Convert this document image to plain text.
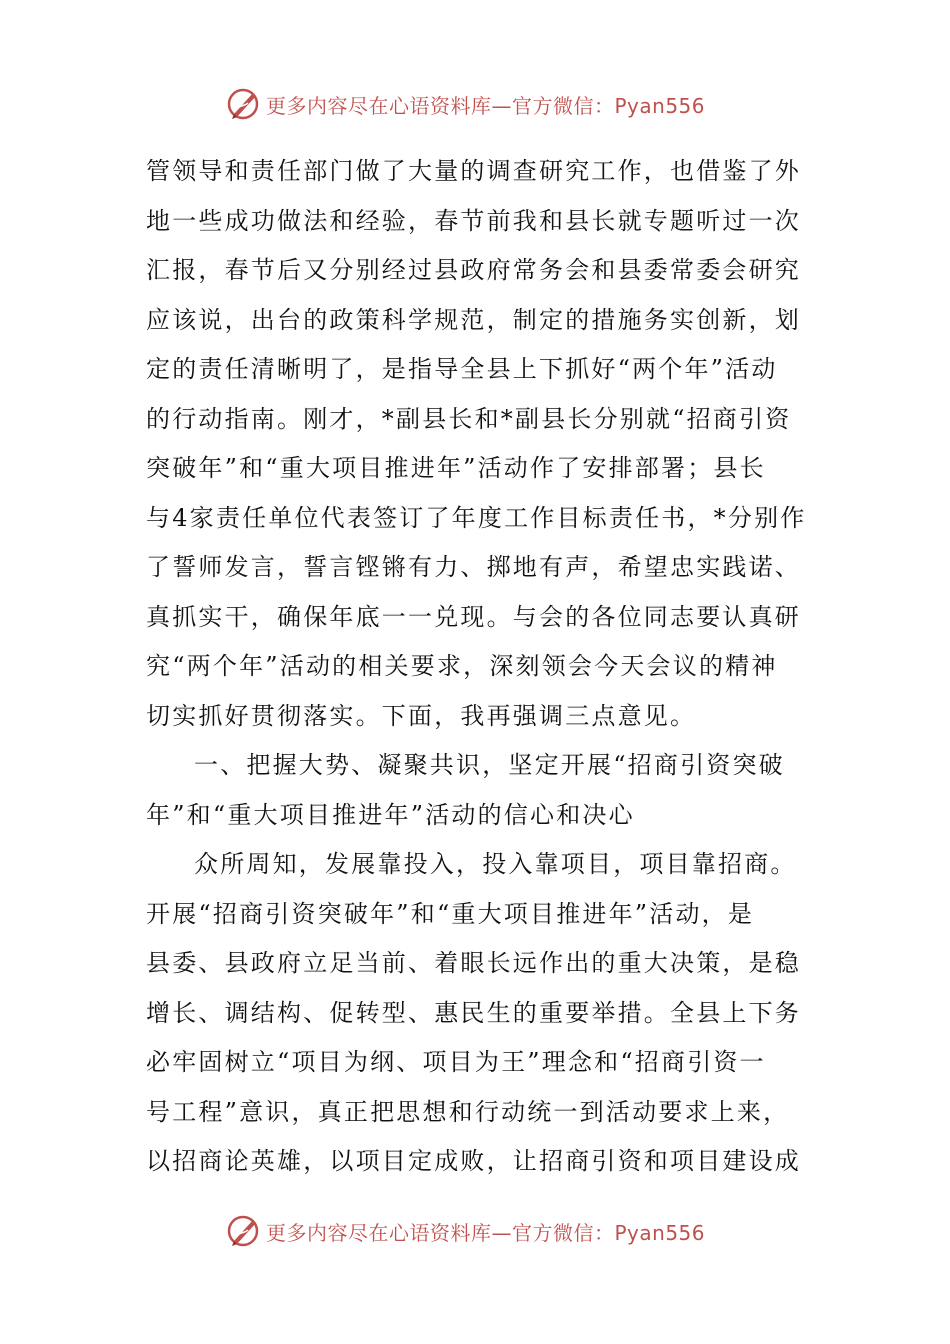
更多内容尽在心语资料库—官方微信：Pyan556
管领导和责任部门做了大量的调查研究工作，也借鉴了外
地一些成功做法和经验，春节前我和县长就专题听过一次
汇报，春节后又分别经过县政府常务会和县委常委会研究
应该说，出台的政策科学规范，制定的措施务实创新，划
定的责任清晰明了，是指导全县上下抓好“两个年”活动
的行动指南。刚才，*副县长和*副县长分别就“招商引资
突破年”和“重大项目推进年”活动作了安排部署；县长
与4家责任单位代表签订了年度工作目标责任书，*分别作
了誓师发言，誓言铿锵有力、掷地有声，希望忠实践诺、
真抓实干，确保年底一一兑现。与会的各位同志要认真研
究“两个年”活动的相关要求，深刻领会今天会议的精神
切实抓好贯彻落实。下面，我再强调三点意见。
一、把握大势、凝聚共识，坚定开展“招商引资突破
年”和“重大项目推进年”活动的信心和决心
众所周知，发展靠投入，投入靠项目，项目靠招商。
开展“招商引资突破年”和“重大项目推进年”活动，是
县委、县政府立足当前、着眼长远作出的重大决策，是稳
增长、调结构、促转型、惠民生的重要举措。全县上下务
必牢固树立“项目为纲、项目为王”理念和“招商引资一
号工程”意识，真正把思想和行动统一到活动要求上来，
以招商论英雄，以项目定成败，让招商引资和项目建设成
更多内容尽在心语资料库—官方微信：Pyan556
